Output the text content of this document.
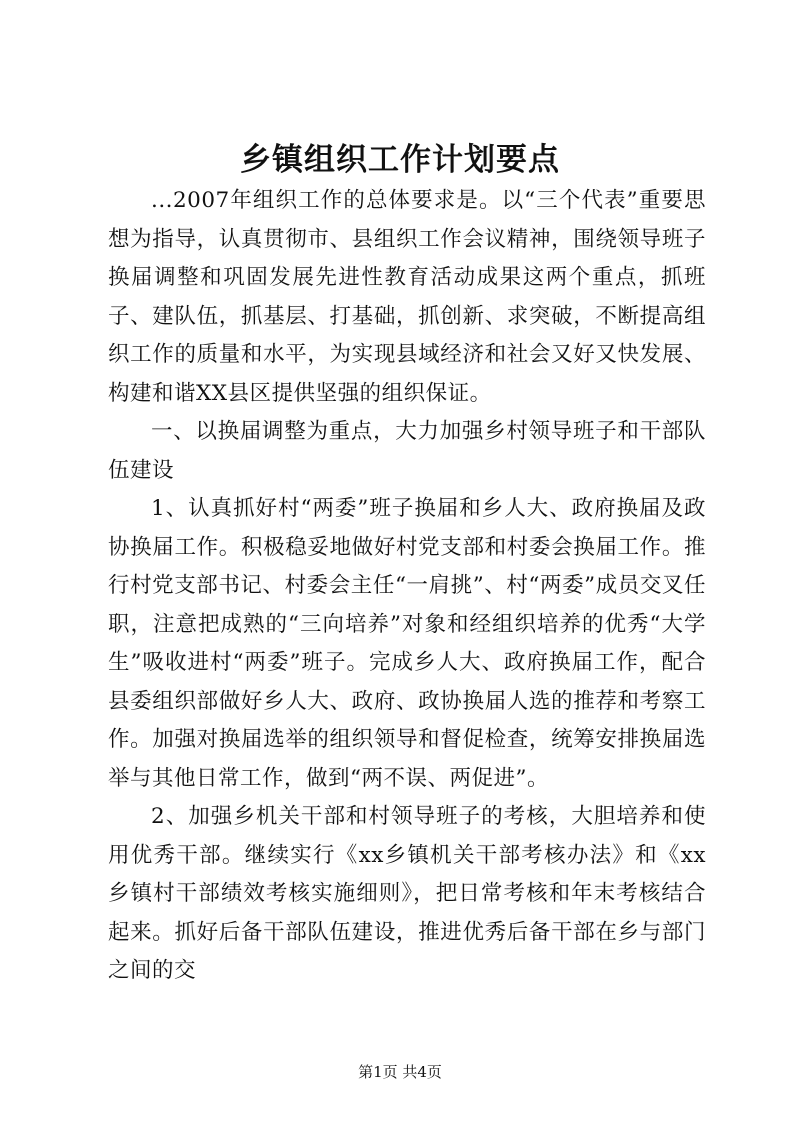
乡镇组织工作计划要点

...2007年组织工作的总体要求是。以“三个代表”重要思想为指导，认真贯彻市、县组织工作会议精神，围绕领导班子换届调整和巩固发展先进性教育活动成果这两个重点，抓班子、建队伍，抓基层、打基础，抓创新、求突破，不断提高组织工作的质量和水平，为实现县域经济和社会又好又快发展、构建和谐XX县区提供坚强的组织保证。

一、以换届调整为重点，大力加强乡村领导班子和干部队伍建设

1、认真抓好村“两委”班子换届和乡人大、政府换届及政协换届工作。积极稳妥地做好村党支部和村委会换届工作。推行村党支部书记、村委会主任“一肩挑”、村“两委”成员交叉任职，注意把成熟的“三向培养”对象和经组织培养的优秀“大学生”吸收进村“两委”班子。完成乡人大、政府换届工作，配合县委组织部做好乡人大、政府、政协换届人选的推荐和考察工作。加强对换届选举的组织领导和督促检查，统筹安排换届选举与其他日常工作，做到“两不误、两促进”。

2、加强乡机关干部和村领导班子的考核，大胆培养和使用优秀干部。继续实行《xx乡镇机关干部考核办法》和《xx乡镇村干部绩效考核实施细则》，把日常考核和年末考核结合起来。抓好后备干部队伍建设，推进优秀后备干部在乡与部门之间的交

第1页 共4页
